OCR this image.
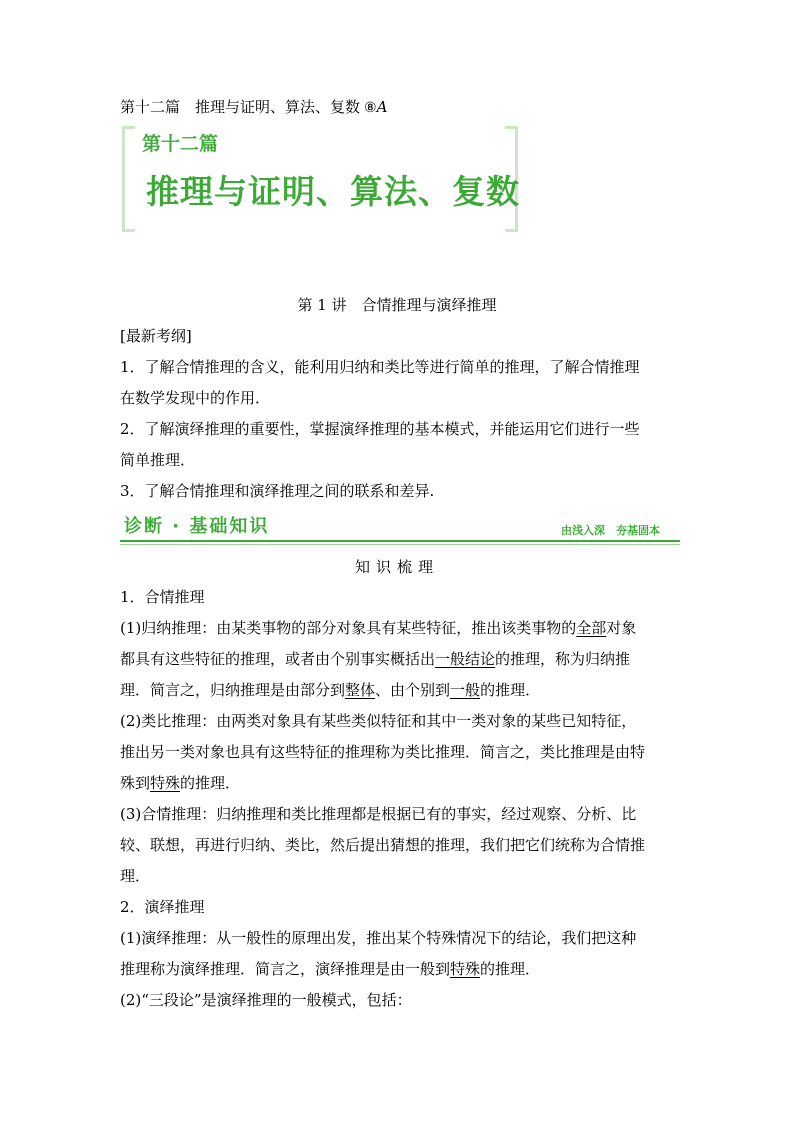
第十二篇　推理与证明、算法、复数 ⑧A
第十二篇
推理与证明、算法、复数
第 1 讲　合情推理与演绎推理
[最新考纲]
1．了解合情推理的含义，能利用归纳和类比等进行简单的推理，了解合情推理
在数学发现中的作用．
2．了解演绎推理的重要性，掌握演绎推理的基本模式，并能运用它们进行一些
简单推理．
3．了解合情推理和演绎推理之间的联系和差异.
诊断 · 基础知识	由浅入深　夯基固本
知识梳理
1．合情推理
(1)归纳推理：由某类事物的部分对象具有某些特征，推出该类事物的全部对象
都具有这些特征的推理，或者由个别事实概括出一般结论的推理，称为归纳推
理．简言之，归纳推理是由部分到整体、由个别到一般的推理．
(2)类比推理：由两类对象具有某些类似特征和其中一类对象的某些已知特征，
推出另一类对象也具有这些特征的推理称为类比推理．简言之，类比推理是由特
殊到特殊的推理．
(3)合情推理：归纳推理和类比推理都是根据已有的事实，经过观察、分析、比
较、联想，再进行归纳、类比，然后提出猜想的推理，我们把它们统称为合情推
理．
2．演绎推理
(1)演绎推理：从一般性的原理出发，推出某个特殊情况下的结论，我们把这种
推理称为演绎推理．简言之，演绎推理是由一般到特殊的推理．
(2)“三段论”是演绎推理的一般模式，包括：
